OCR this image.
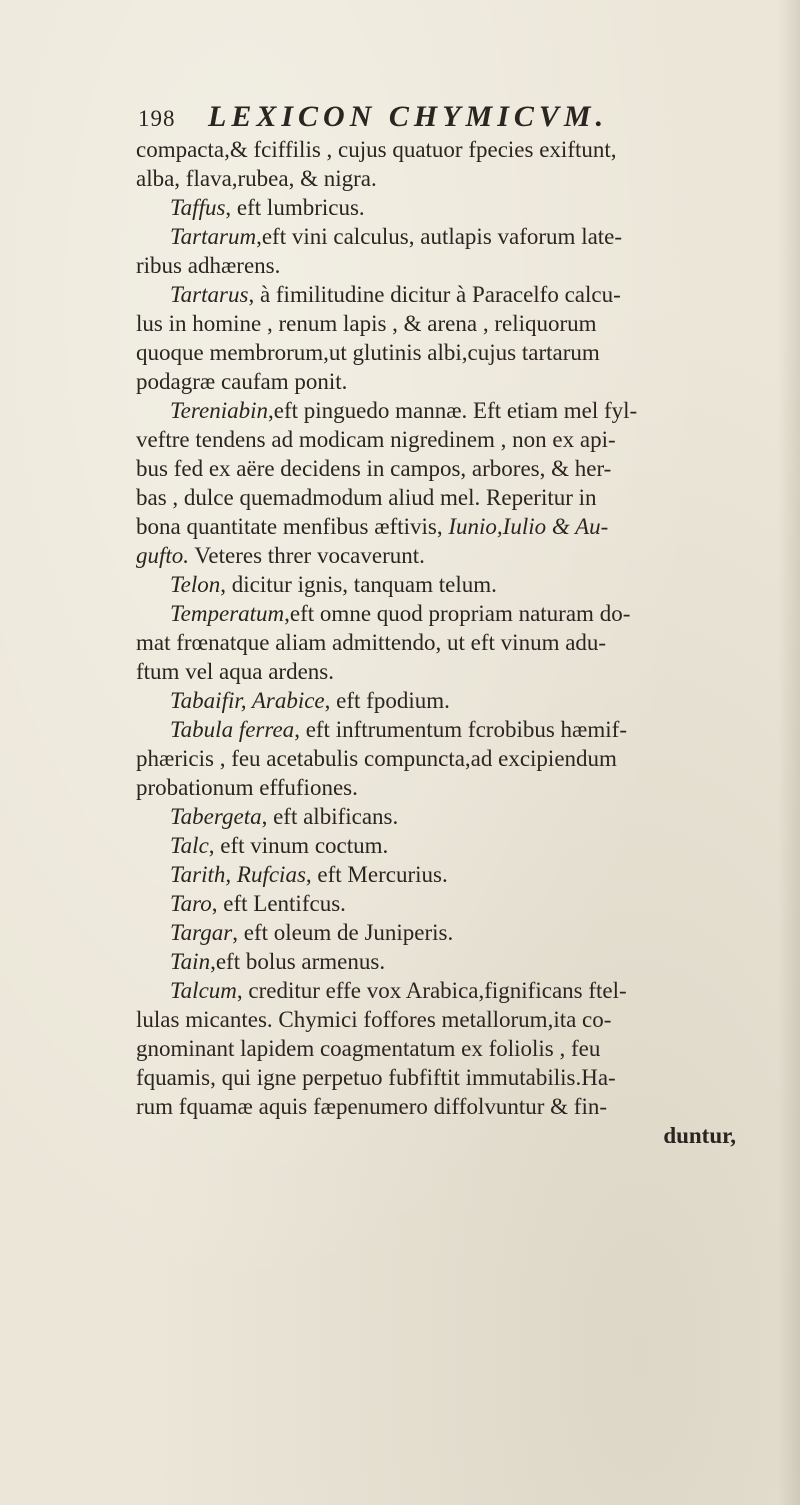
198 LEXICON CHYMICVM.
compacta,& fciffilis , cujus quatuor fpecies exiftunt,
alba, flava,rubea, & nigra.
Taffus, eft lumbricus.
Tartarum,eft vini calculus, autlapis vaforum late-
ribus adhærens.
Tartarus, à fimilitudine dicitur à Paracelfo calcu-
lus in homine , renum lapis , & arena , reliquorum
quoque membrorum,ut glutinis albi,cujus tartarum
podagræ caufam ponit.
Tereniabin,eft pinguedo mannæ. Eft etiam mel fyl-
veftre tendens ad modicam nigredinem , non ex api-
bus fed ex aëre decidens in campos, arbores, & her-
bas , dulce quemadmodum aliud mel. Reperitur in
bona quantitate menfibus æftivis, Iunio,Iulio & Au-
gufto. Veteres threr vocaverunt.
Telon, dicitur ignis, tanquam telum.
Temperatum,eft omne quod propriam naturam do-
mat frœnatque aliam admittendo, ut eft vinum adu-
ftum vel aqua ardens.
Tabaifir, Arabice, eft fpodium.
Tabula ferrea, eft inftrumentum fcrobibus hæmif-
phæricis , feu acetabulis compuncta,ad excipiendum
probationum effufiones.
Tabergeta, eft albificans.
Talc, eft vinum coctum.
Tarith, Rufcias, eft Mercurius.
Taro, eft Lentifcus.
Targar, eft oleum de Juniperis.
Tain,eft bolus armenus.
Talcum, creditur effe vox Arabica,fignificans ftel-
lulas micantes. Chymici foffores metallorum,ita co-
gnominant lapidem coagmentatum ex foliolis , feu
fquamis, qui igne perpetuo fubfiftit immutabilis.Ha-
rum fquamæ aquis fæpenumero diffolvuntur & fin-
duntur,
